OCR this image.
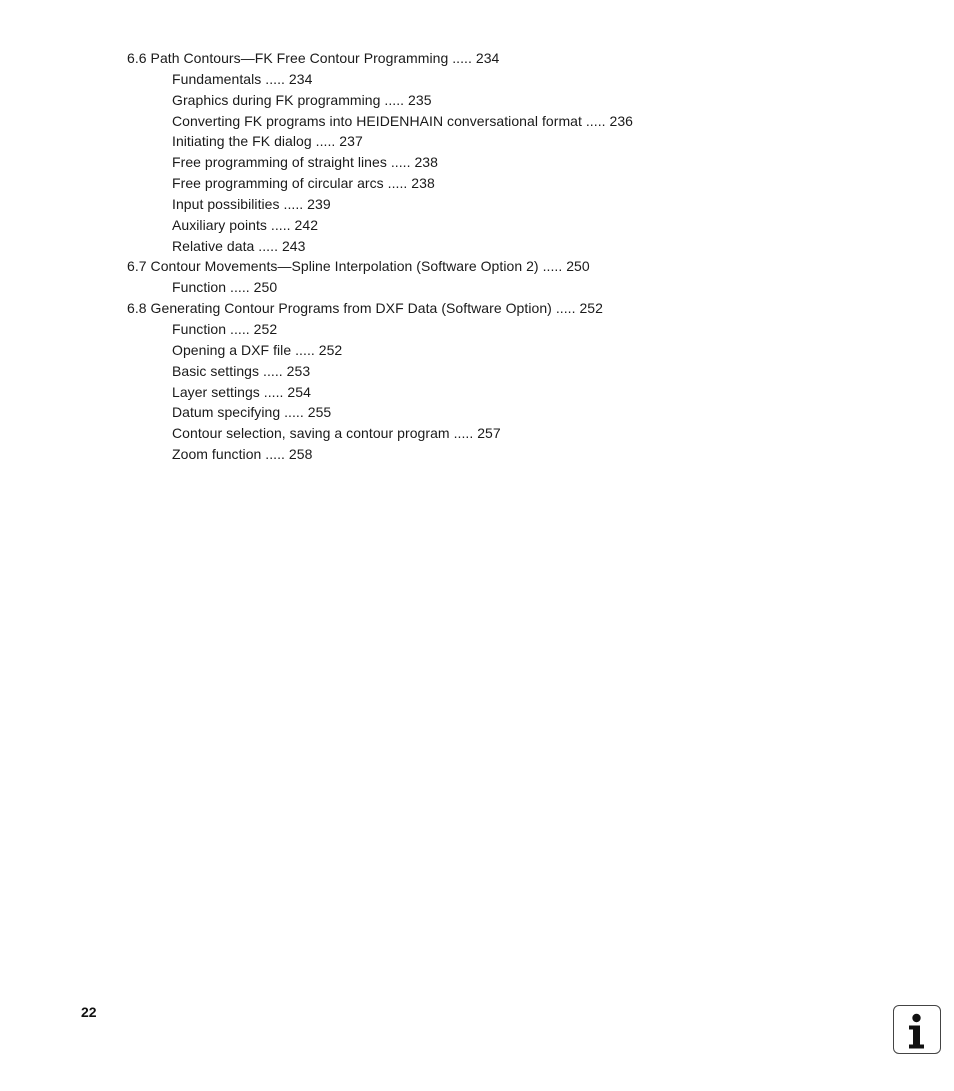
6.6 Path Contours—FK Free Contour Programming ..... 234
Fundamentals ..... 234
Graphics during FK programming ..... 235
Converting FK programs into HEIDENHAIN conversational format ..... 236
Initiating the FK dialog ..... 237
Free programming of straight lines ..... 238
Free programming of circular arcs ..... 238
Input possibilities ..... 239
Auxiliary points ..... 242
Relative data ..... 243
6.7 Contour Movements—Spline Interpolation (Software Option 2) ..... 250
Function ..... 250
6.8 Generating Contour Programs from DXF Data (Software Option) ..... 252
Function ..... 252
Opening a DXF file ..... 252
Basic settings ..... 253
Layer settings ..... 254
Datum specifying ..... 255
Contour selection, saving a contour program ..... 257
Zoom function ..... 258
22
